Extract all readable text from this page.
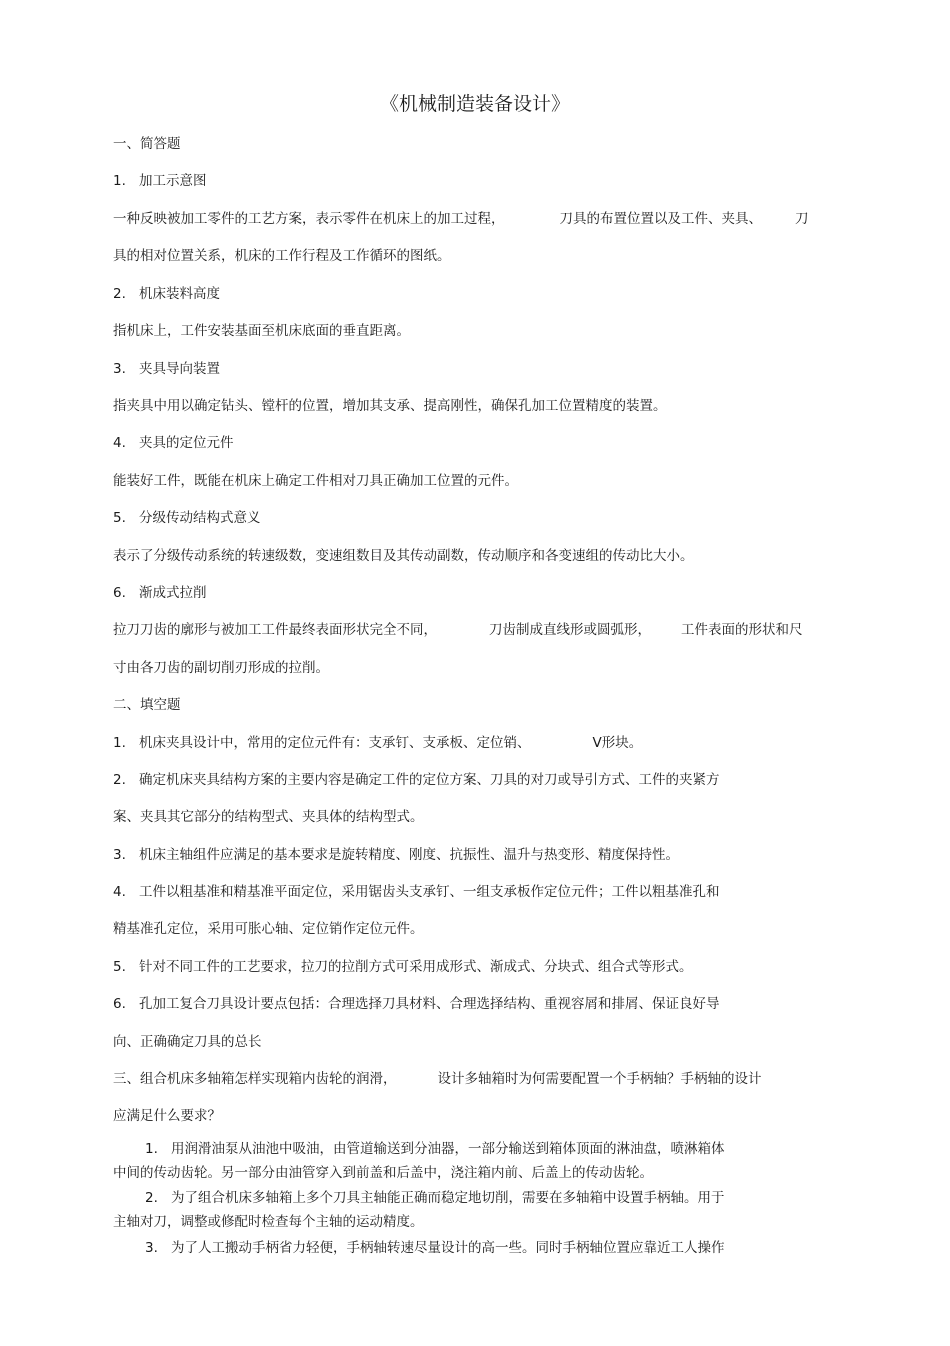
《机械制造装备设计》
一、简答题
1. 加工示意图
一种反映被加工零件的工艺方案，表示零件在机床上的加工过程，	刀具的布置位置以及工件、夹具、 刀
具的相对位置关系，机床的工作行程及工作循环的图纸。
2. 机床装料高度
指机床上，工件安装基面至机床底面的垂直距离。
3. 夹具导向装置
指夹具中用以确定钻头、镗杆的位置，增加其支承、提高刚性，确保孔加工位置精度的装置。
4. 夹具的定位元件
能装好工件，既能在机床上确定工件相对刀具正确加工位置的元件。
5. 分级传动结构式意义
表示了分级传动系统的转速级数，变速组数目及其传动副数，传动顺序和各变速组的传动比大小。
6. 渐成式拉削
拉刀刀齿的廓形与被加工工件最终表面形状完全不同，	刀齿制成直线形或圆弧形， 工件表面的形状和尺
寸由各刀齿的副切削刃形成的拉削。
二、填空题
1. 机床夹具设计中，常用的定位元件有：支承钉、支承板、定位销、	V形块。
2. 确定机床夹具结构方案的主要内容是确定工件的定位方案、刀具的对刀或导引方式、工件的夹紧方
案、夹具其它部分的结构型式、夹具体的结构型式。
3. 机床主轴组件应满足的基本要求是旋转精度、刚度、抗振性、温升与热变形、精度保持性。
4. 工件以粗基准和精基准平面定位，采用锯齿头支承钉、一组支承板作定位元件；工件以粗基准孔和
精基准孔定位，采用可胀心轴、定位销作定位元件。
5. 针对不同工件的工艺要求，拉刀的拉削方式可采用成形式、渐成式、分块式、组合式等形式。
6. 孔加工复合刀具设计要点包括：合理选择刀具材料、合理选择结构、重视容屑和排屑、保证良好导
向、正确确定刀具的总长
三、组合机床多轴箱怎样实现箱内齿轮的润滑，	设计多轴箱时为何需要配置一个手柄轴？手柄轴的设计
应满足什么要求？
1. 用润滑油泵从油池中吸油，由管道输送到分油器，一部分输送到箱体顶面的淋油盘，喷淋箱体
中间的传动齿轮。另一部分由油管穿入到前盖和后盖中，浇注箱内前、后盖上的传动齿轮。
2. 为了组合机床多轴箱上多个刀具主轴能正确而稳定地切削，需要在多轴箱中设置手柄轴。用于
主轴对刀，调整或修配时检查每个主轴的运动精度。
3. 为了人工搬动手柄省力轻便，手柄轴转速尽量设计的高一些。同时手柄轴位置应靠近工人操作
